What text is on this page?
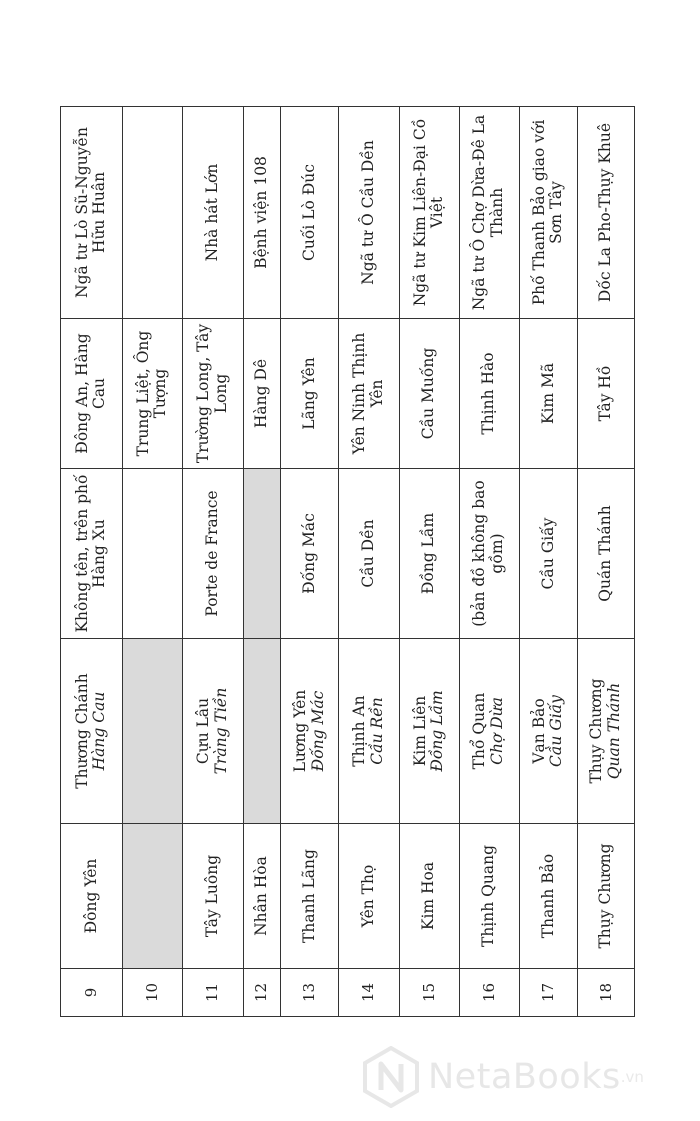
9	Đông Yên	Thương Chánh Hàng Cau	Không tên, trên phố Hàng Xu	Đông An, Hàng Cau	Ngã tư Lò Sũ-Nguyễn Hữu Huân
10				Trung Liệt, Ông Tượng	
11	Tây Luông	Cựu Lâu Tràng Tiền	Porte de France	Trường Long, Tây Long	Nhà hát Lớn
12	Nhân Hòa			Hàng Dê	Bệnh viện 108
13	Thanh Lãng	Lương Yên Đống Mác	Đống Mác	Lãng Yên	Cuối Lò Đúc
14	Yên Thọ	Thịnh An Cầu Rền	Cầu Dền	Yên Ninh Thịnh Yên	Ngã tư Ô Cầu Dền
15	Kim Hoa	Kim Liên Đồng Lầm	Đồng Lầm	Cầu Muống	Ngã tư Kim Liên-Đại Cồ Việt
16	Thịnh Quang	Thổ Quan Chợ Dừa	(bản đồ không bao gồm)	Thịnh Hào	Ngã tư Ô Chợ Dừa-Đê La Thành
17	Thanh Bảo	Vạn Bảo Cầu Giấy	Cầu Giấy	Kim Mã	Phố Thanh Bảo giao với Sơn Tây
18	Thụy Chương	Thụy Chương Quan Thánh	Quán Thánh	Tây Hồ	Dốc La Pho-Thụy Khuê
NetaBooks .vn
